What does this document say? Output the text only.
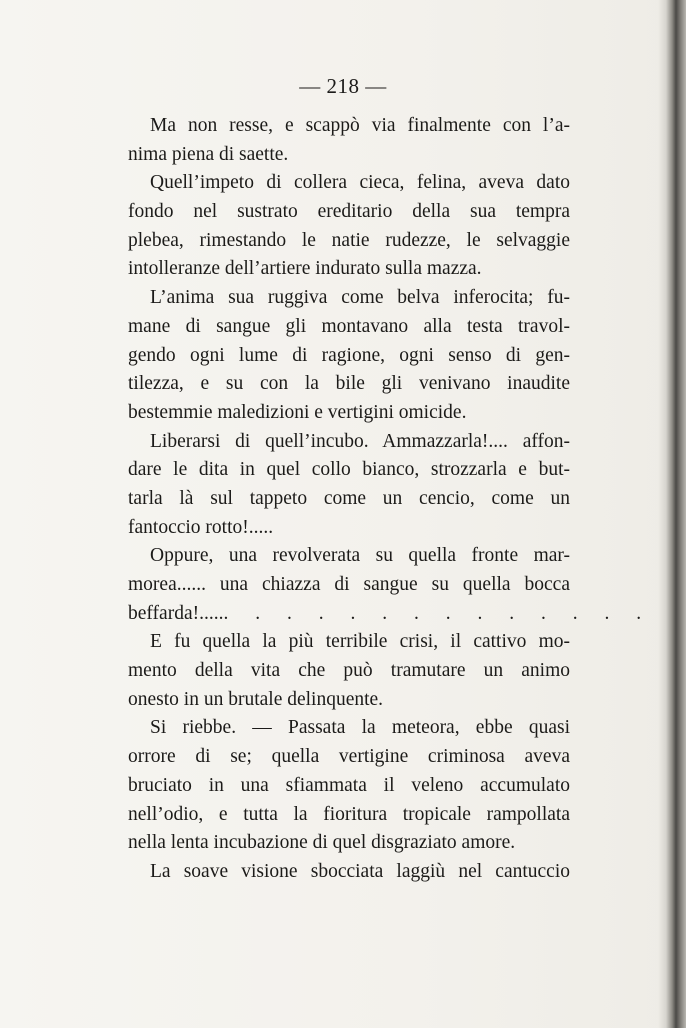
— 218 —
Ma non resse, e scappò via finalmente con l’a-
nima piena di saette.
Quell’impeto di collera cieca, felina, aveva dato
fondo nel sustrato ereditario della sua tempra
plebea, rimestando le natie rudezze, le selvaggie
intolleranze dell’artiere indurato sulla mazza.
L’anima sua ruggiva come belva inferocita; fu-
mane di sangue gli montavano alla testa travol-
gendo ogni lume di ragione, ogni senso di gen-
tilezza, e su con la bile gli venivano inaudite
bestemmie maledizioni e vertigini omicide.
Liberarsi di quell’incubo. Ammazzarla!.... affon-
dare le dita in quel collo bianco, strozzarla e but-
tarla là sul tappeto come un cencio, come un
fantoccio rotto!.....
Oppure, una revolverata su quella fronte mar-
morea...... una chiazza di sangue su quella bocca
beffarda!...... . . . . . . . . . . . . .
E fu quella la più terribile crisi, il cattivo mo-
mento della vita che può tramutare un animo
onesto in un brutale delinquente.
Si riebbe. — Passata la meteora, ebbe quasi
orrore di se; quella vertigine criminosa aveva
bruciato in una sfiammata il veleno accumulato
nell’odio, e tutta la fioritura tropicale rampollata
nella lenta incubazione di quel disgraziato amore.
La soave visione sbocciata laggiù nel cantuccio
